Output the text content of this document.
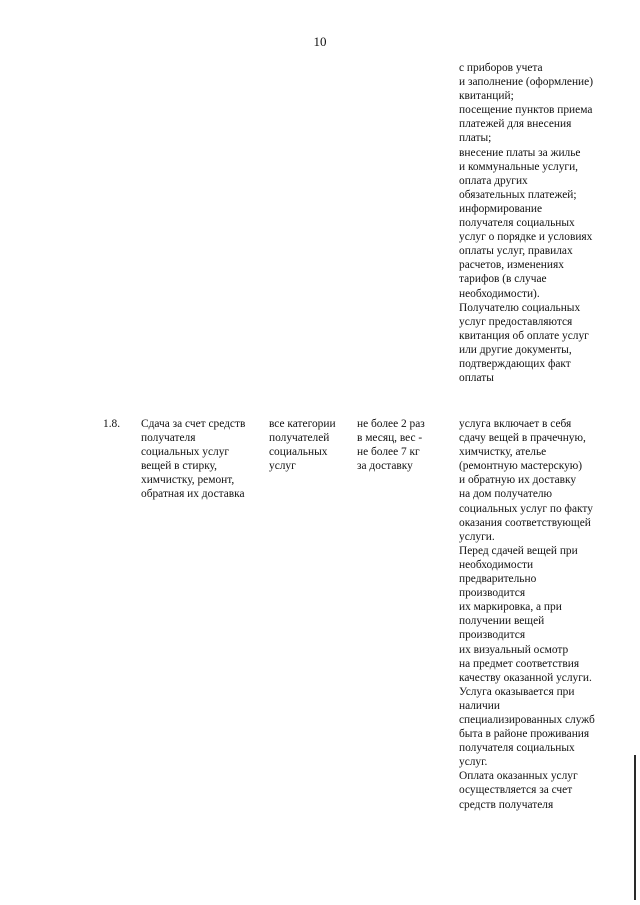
10
с приборов учета
и заполнение (оформление)
квитанций;
посещение пунктов приема
платежей для внесения
платы;
внесение платы за жилье
и коммунальные услуги,
оплата других
обязательных платежей;
информирование
получателя социальных
услуг о порядке и условиях
оплаты услуг, правилах
расчетов, изменениях
тарифов (в случае
необходимости).
Получателю социальных
услуг предоставляются
квитанция об оплате услуг
или другие документы,
подтверждающих факт
оплаты
1.8. Сдача за счет средств
получателя
социальных услуг
вещей в стирку,
химчистку, ремонт,
обратная их доставка
все категории
получателей
социальных
услуг
не более 2 раз
в месяц, вес -
не более 7 кг
за доставку
услуга включает в себя
сдачу вещей в прачечную,
химчистку, ателье
(ремонтную мастерскую)
и обратную их доставку
на дом получателю
социальных услуг по факту
оказания соответствующей
услуги.
Перед сдачей вещей при
необходимости
предварительно
производится
их маркировка, а при
получении вещей
производится
их визуальный осмотр
на предмет соответствия
качеству оказанной услуги.
Услуга оказывается при
наличии
специализированных служб
быта в районе проживания
получателя социальных
услуг.
Оплата оказанных услуг
осуществляется за счет
средств получателя
